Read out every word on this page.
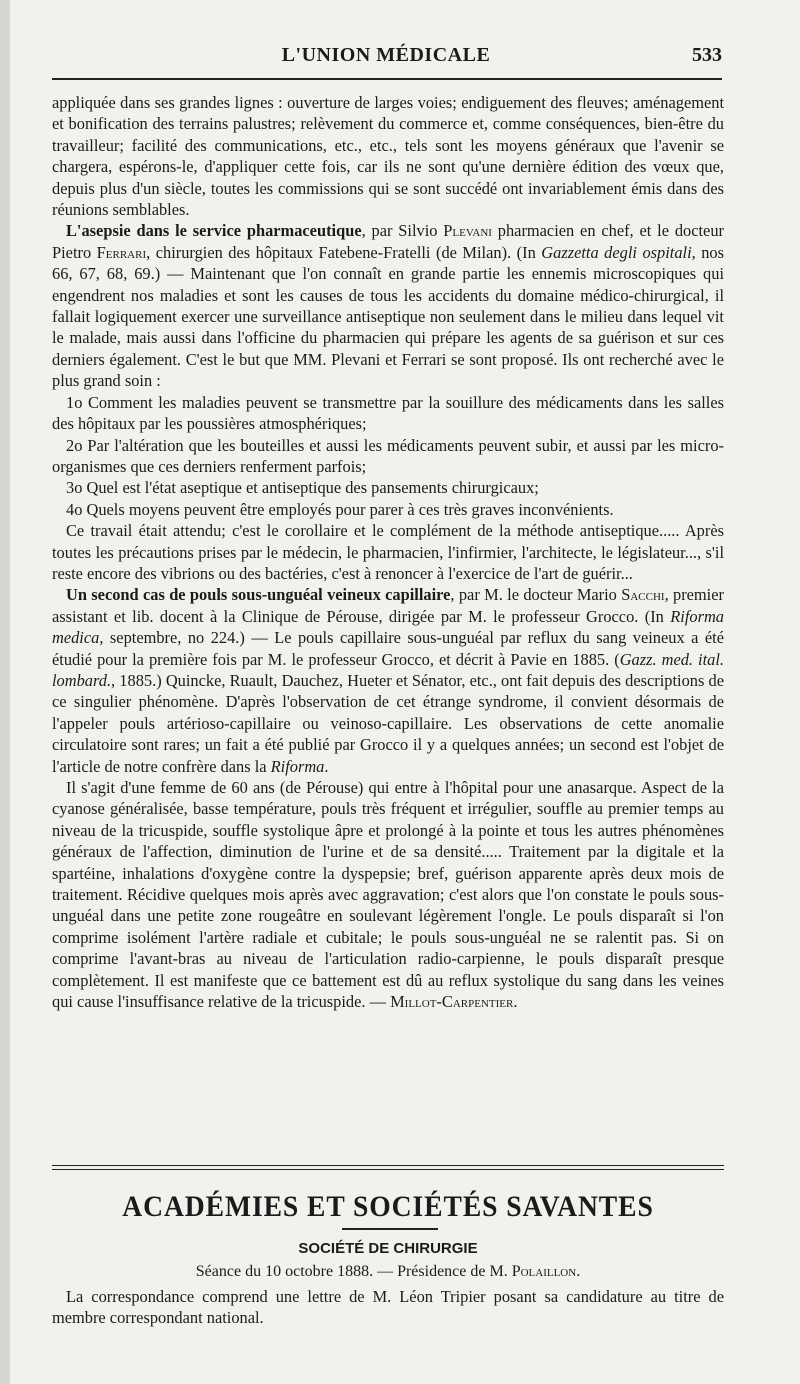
L'UNION MÉDICALE	533

appliquée dans ses grandes lignes : ouverture de larges voies; endiguement des fleuves; aménagement et bonification des terrains palustres; relèvement du commerce et, comme conséquences, bien-être du travailleur; facilité des communications, etc., etc., tels sont les moyens généraux que l'avenir se chargera, espérons-le, d'appliquer cette fois, car ils ne sont qu'une dernière édition des vœux que, depuis plus d'un siècle, toutes les commissions qui se sont succédé ont invariablement émis dans des réunions semblables.

L'asepsie dans le service pharmaceutique, par Silvio Plevani pharmacien en chef, et le docteur Pietro Ferrari, chirurgien des hôpitaux Fatebene-Fratelli (de Milan). (In Gazzetta degli ospitali, nos 66, 67, 68, 69.) — Maintenant que l'on connaît en grande partie les ennemis microscopiques qui engendrent nos maladies et sont les causes de tous les accidents du domaine médico-chirurgical, il fallait logiquement exercer une surveillance antiseptique non seulement dans le milieu dans lequel vit le malade, mais aussi dans l'officine du pharmacien qui prépare les agents de sa guérison et sur ces derniers également. C'est le but que MM. Plevani et Ferrari se sont proposé. Ils ont recherché avec le plus grand soin :

1o Comment les maladies peuvent se transmettre par la souillure des médicaments dans les salles des hôpitaux par les poussières atmosphériques;

2o Par l'altération que les bouteilles et aussi les médicaments peuvent subir, et aussi par les micro-organismes que ces derniers renferment parfois;

3o Quel est l'état aseptique et antiseptique des pansements chirurgicaux;

4o Quels moyens peuvent être employés pour parer à ces très graves inconvénients.

Ce travail était attendu; c'est le corollaire et le complément de la méthode antiseptique..... Après toutes les précautions prises par le médecin, le pharmacien, l'infirmier, l'architecte, le législateur..., s'il reste encore des vibrions ou des bactéries, c'est à renoncer à l'exercice de l'art de guérir...

Un second cas de pouls sous-unguéal veineux capillaire, par M. le docteur Mario Sacchi, premier assistant et lib. docent à la Clinique de Pérouse, dirigée par M. le professeur Grocco. (In Riforma medica, septembre, no 224.) — Le pouls capillaire sous-unguéal par reflux du sang veineux a été étudié pour la première fois par M. le professeur Grocco, et décrit à Pavie en 1885. (Gazz. med. ital. lombard., 1885.) Quincke, Ruault, Dauchez, Hueter et Sénator, etc., ont fait depuis des descriptions de ce singulier phénomène. D'après l'observation de cet étrange syndrome, il convient désormais de l'appeler pouls artérioso-capillaire ou veinoso-capillaire. Les observations de cette anomalie circulatoire sont rares; un fait a été publié par Grocco il y a quelques années; un second est l'objet de l'article de notre confrère dans la Riforma.

Il s'agit d'une femme de 60 ans (de Pérouse) qui entre à l'hôpital pour une anasarque. Aspect de la cyanose généralisée, basse température, pouls très fréquent et irrégulier, souffle au premier temps au niveau de la tricuspide, souffle systolique âpre et prolongé à la pointe et tous les autres phénomènes généraux de l'affection, diminution de l'urine et de sa densité..... Traitement par la digitale et la spartéine, inhalations d'oxygène contre la dyspepsie; bref, guérison apparente après deux mois de traitement. Récidive quelques mois après avec aggravation; c'est alors que l'on constate le pouls sous-unguéal dans une petite zone rougeâtre en soulevant légèrement l'ongle. Le pouls disparaît si l'on comprime isolément l'artère radiale et cubitale; le pouls sous-unguéal ne se ralentit pas. Si on comprime l'avant-bras au niveau de l'articulation radio-carpienne, le pouls disparaît presque complètement. Il est manifeste que ce battement est dû au reflux systolique du sang dans les veines qui cause l'insuffisance relative de la tricuspide. — Millot-Carpentier.

ACADÉMIES ET SOCIÉTÉS SAVANTES
SOCIÉTÉ DE CHIRURGIE
Séance du 10 octobre 1888. — Présidence de M. Polaillon.

La correspondance comprend une lettre de M. Léon Tripier posant sa candidature au titre de membre correspondant national.
